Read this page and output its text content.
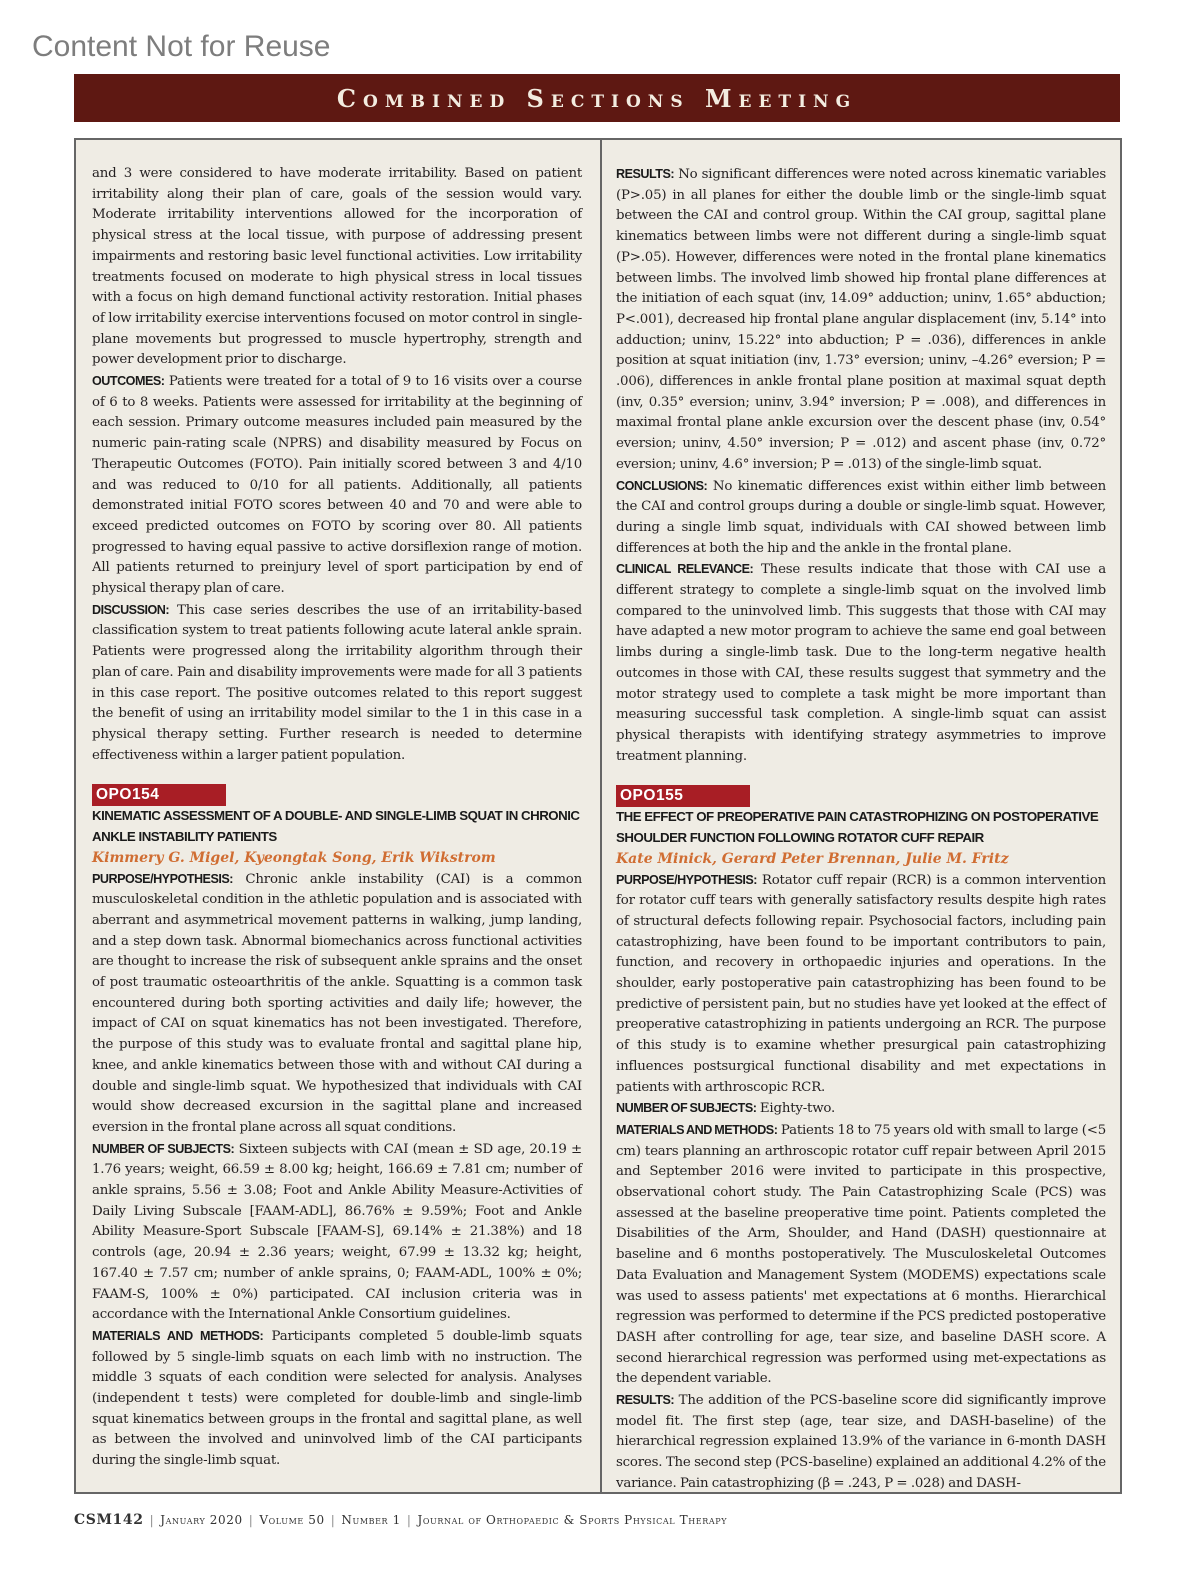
Content Not for Reuse
Combined Sections Meeting

and 3 were considered to have moderate irritability. Based on patient irritability along their plan of care, goals of the session would vary. Moderate irritability interventions allowed for the incorporation of physical stress at the local tissue, with purpose of addressing present impairments and restoring basic level functional activities. Low irritability treatments focused on moderate to high physical stress in local tissues with a focus on high demand functional activity restoration. Initial phases of low irritability exercise interventions focused on motor control in single-plane movements but progressed to muscle hypertrophy, strength and power development prior to discharge.

OUTCOMES: Patients were treated for a total of 9 to 16 visits over a course of 6 to 8 weeks. Patients were assessed for irritability at the beginning of each session. Primary outcome measures included pain measured by the numeric pain-rating scale (NPRS) and disability measured by Focus on Therapeutic Outcomes (FOTO). Pain initially scored between 3 and 4/10 and was reduced to 0/10 for all patients. Additionally, all patients demonstrated initial FOTO scores between 40 and 70 and were able to exceed predicted outcomes on FOTO by scoring over 80. All patients progressed to having equal passive to active dorsiflexion range of motion. All patients returned to preinjury level of sport participation by end of physical therapy plan of care.

DISCUSSION: This case series describes the use of an irritability-based classification system to treat patients following acute lateral ankle sprain. Patients were progressed along the irritability algorithm through their plan of care. Pain and disability improvements were made for all 3 patients in this case report. The positive outcomes related to this report suggest the benefit of using an irritability model similar to the 1 in this case in a physical therapy setting. Further research is needed to determine effectiveness within a larger patient population.

OPO154
KINEMATIC ASSESSMENT OF A DOUBLE- AND SINGLE-LIMB SQUAT IN CHRONIC ANKLE INSTABILITY PATIENTS
Kimmery G. Migel, Kyeongtak Song, Erik Wikstrom

PURPOSE/HYPOTHESIS: Chronic ankle instability (CAI) is a common musculoskeletal condition in the athletic population and is associated with aberrant and asymmetrical movement patterns in walking, jump landing, and a step down task. Abnormal biomechanics across functional activities are thought to increase the risk of subsequent ankle sprains and the onset of post traumatic osteoarthritis of the ankle. Squatting is a common task encountered during both sporting activities and daily life; however, the impact of CAI on squat kinematics has not been investigated. Therefore, the purpose of this study was to evaluate frontal and sagittal plane hip, knee, and ankle kinematics between those with and without CAI during a double and single-limb squat. We hypothesized that individuals with CAI would show decreased excursion in the sagittal plane and increased eversion in the frontal plane across all squat conditions.

NUMBER OF SUBJECTS: Sixteen subjects with CAI (mean ± SD age, 20.19 ± 1.76 years; weight, 66.59 ± 8.00 kg; height, 166.69 ± 7.81 cm; number of ankle sprains, 5.56 ± 3.08; Foot and Ankle Ability Measure-Activities of Daily Living Subscale [FAAM-ADL], 86.76% ± 9.59%; Foot and Ankle Ability Measure-Sport Subscale [FAAM-S], 69.14% ± 21.38%) and 18 controls (age, 20.94 ± 2.36 years; weight, 67.99 ± 13.32 kg; height, 167.40 ± 7.57 cm; number of ankle sprains, 0; FAAM-ADL, 100% ± 0%; FAAM-S, 100% ± 0%) participated. CAI inclusion criteria was in accordance with the International Ankle Consortium guidelines.

MATERIALS AND METHODS: Participants completed 5 double-limb squats followed by 5 single-limb squats on each limb with no instruction. The middle 3 squats of each condition were selected for analysis. Analyses (independent t tests) were completed for double-limb and single-limb squat kinematics between groups in the frontal and sagittal plane, as well as between the involved and uninvolved limb of the CAI participants during the single-limb squat.

RESULTS: No significant differences were noted across kinematic variables (P>.05) in all planes for either the double limb or the single-limb squat between the CAI and control group. Within the CAI group, sagittal plane kinematics between limbs were not different during a single-limb squat (P>.05). However, differences were noted in the frontal plane kinematics between limbs. The involved limb showed hip frontal plane differences at the initiation of each squat (inv, 14.09° adduction; uninv, 1.65° abduction; P<.001), decreased hip frontal plane angular displacement (inv, 5.14° into adduction; uninv, 15.22° into abduction; P = .036), differences in ankle position at squat initiation (inv, 1.73° eversion; uninv, –4.26° eversion; P = .006), differences in ankle frontal plane position at maximal squat depth (inv, 0.35° eversion; uninv, 3.94° inversion; P = .008), and differences in maximal frontal plane ankle excursion over the descent phase (inv, 0.54° eversion; uninv, 4.50° inversion; P = .012) and ascent phase (inv, 0.72° eversion; uninv, 4.6° inversion; P = .013) of the single-limb squat.

CONCLUSIONS: No kinematic differences exist within either limb between the CAI and control groups during a double or single-limb squat. However, during a single limb squat, individuals with CAI showed between limb differences at both the hip and the ankle in the frontal plane.

CLINICAL RELEVANCE: These results indicate that those with CAI use a different strategy to complete a single-limb squat on the involved limb compared to the uninvolved limb. This suggests that those with CAI may have adapted a new motor program to achieve the same end goal between limbs during a single-limb task. Due to the long-term negative health outcomes in those with CAI, these results suggest that symmetry and the motor strategy used to complete a task might be more important than measuring successful task completion. A single-limb squat can assist physical therapists with identifying strategy asymmetries to improve treatment planning.

OPO155
THE EFFECT OF PREOPERATIVE PAIN CATASTROPHIZING ON POSTOPERATIVE SHOULDER FUNCTION FOLLOWING ROTATOR CUFF REPAIR
Kate Minick, Gerard Peter Brennan, Julie M. Fritz

PURPOSE/HYPOTHESIS: Rotator cuff repair (RCR) is a common intervention for rotator cuff tears with generally satisfactory results despite high rates of structural defects following repair. Psychosocial factors, including pain catastrophizing, have been found to be important contributors to pain, function, and recovery in orthopaedic injuries and operations. In the shoulder, early postoperative pain catastrophizing has been found to be predictive of persistent pain, but no studies have yet looked at the effect of preoperative catastrophizing in patients undergoing an RCR. The purpose of this study is to examine whether presurgical pain catastrophizing influences postsurgical functional disability and met expectations in patients with arthroscopic RCR.

NUMBER OF SUBJECTS: Eighty-two.

MATERIALS AND METHODS: Patients 18 to 75 years old with small to large (<5 cm) tears planning an arthroscopic rotator cuff repair between April 2015 and September 2016 were invited to participate in this prospective, observational cohort study. The Pain Catastrophizing Scale (PCS) was assessed at the baseline preoperative time point. Patients completed the Disabilities of the Arm, Shoulder, and Hand (DASH) questionnaire at baseline and 6 months postoperatively. The Musculoskeletal Outcomes Data Evaluation and Management System (MODEMS) expectations scale was used to assess patients' met expectations at 6 months. Hierarchical regression was performed to determine if the PCS predicted postoperative DASH after controlling for age, tear size, and baseline DASH score. A second hierarchical regression was performed using met-expectations as the dependent variable.

RESULTS: The addition of the PCS-baseline score did significantly improve model fit. The first step (age, tear size, and DASH-baseline) of the hierarchical regression explained 13.9% of the variance in 6-month DASH scores. The second step (PCS-baseline) explained an additional 4.2% of the variance. Pain catastrophizing (β = .243, P = .028) and DASH-

CSM142 | January 2020 | Volume 50 | Number 1 | Journal of Orthopaedic & Sports Physical Therapy
